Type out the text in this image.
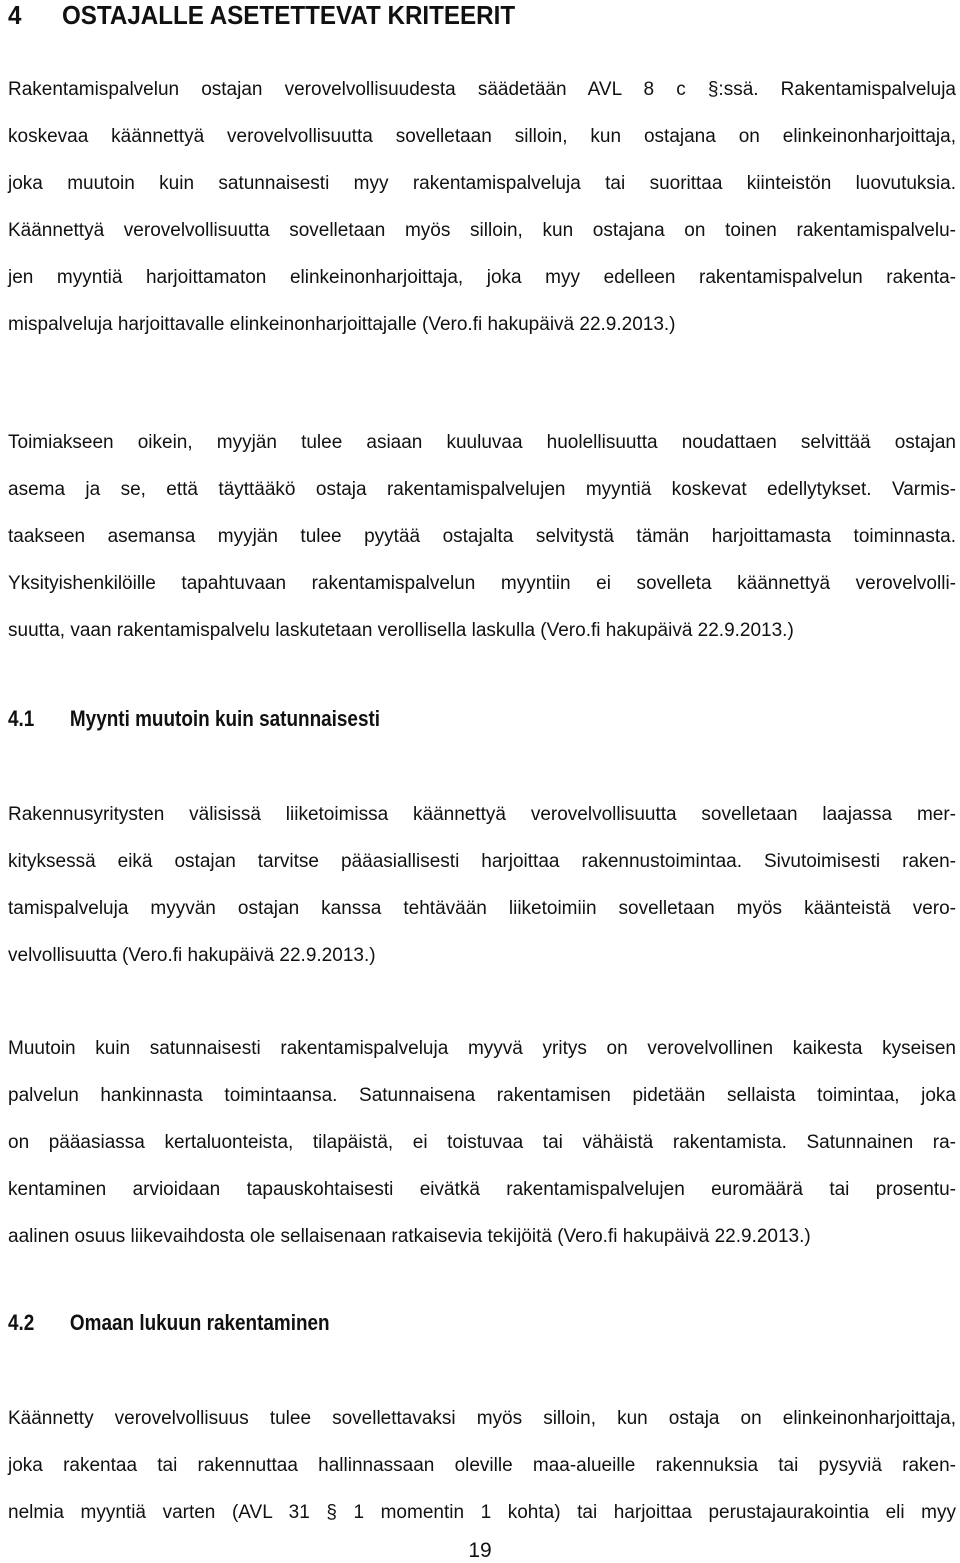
4 OSTAJALLE ASETETTEVAT KRITEERIT
Rakentamispalvelun ostajan verovelvollisuudesta säädetään AVL 8 c §:ssä. Rakentamispalveluja
koskevaa käännettyä verovelvollisuutta sovelletaan silloin, kun ostajana on elinkeinonharjoittaja,
joka muutoin kuin satunnaisesti myy rakentamispalveluja tai suorittaa kiinteistön luovutuksia.
Käännettyä verovelvollisuutta sovelletaan myös silloin, kun ostajana on toinen rakentamispalvelu-
jen myyntiä harjoittamaton elinkeinonharjoittaja, joka myy edelleen rakentamispalvelun rakenta-
mispalveluja harjoittavalle elinkeinonharjoittajalle (Vero.fi hakupäivä 22.9.2013.)
Toimiakseen oikein, myyjän tulee asiaan kuuluvaa huolellisuutta noudattaen selvittää ostajan
asema ja se, että täyttääkö ostaja rakentamispalvelujen myyntiä koskevat edellytykset. Varmis-
taakseen asemansa myyjän tulee pyytää ostajalta selvitystä tämän harjoittamasta toiminnasta.
Yksityishenkilöille tapahtuvaan rakentamispalvelun myyntiin ei sovelleta käännettyä verovelvolli-
suutta, vaan rakentamispalvelu laskutetaan verollisella laskulla (Vero.fi hakupäivä 22.9.2013.)
4.1 Myynti muutoin kuin satunnaisesti
Rakennusyritysten välisissä liiketoimissa käännettyä verovelvollisuutta sovelletaan laajassa mer-
kityksessä eikä ostajan tarvitse pääasiallisesti harjoittaa rakennustoimintaa. Sivutoimisesti raken-
tamispalveluja myyvän ostajan kanssa tehtävään liiketoimiin sovelletaan myös kääntеistä vero-
velvollisuutta (Vero.fi hakupäivä 22.9.2013.)
Muutoin kuin satunnaisesti rakentamispalveluja myyvä yritys on verovelvollinen kaikesta kyseisen
palvelun hankinnasta toimintaansa. Satunnaisena rakentamisen pidetään sellaista toimintaa, joka
on pääasiassa kertaluonteista, tilapäistä, ei toistuvaa tai vähäistä rakentamista. Satunnainen ra-
kentaminen arvioidaan tapauskohtaisesti eivätkä rakentamispalvelujen euromäärä tai prosentu-
aalinen osuus liikevaihdosta ole sellaisenaan ratkaisevia tekijöitä (Vero.fi hakupäivä 22.9.2013.)
4.2 Omaan lukuun rakentaminen
Käännetty verovelvollisuus tulee sovellettavaksi myös silloin, kun ostaja on elinkeinonharjoittaja,
joka rakentaa tai rakennuttaa hallinnassaan oleville maa-alueille rakennuksia tai pysyviä raken-
nelmia myyntiä varten (AVL 31 § 1 momentin 1 kohta) tai harjoittaa perustajaurakointia eli myy
19
